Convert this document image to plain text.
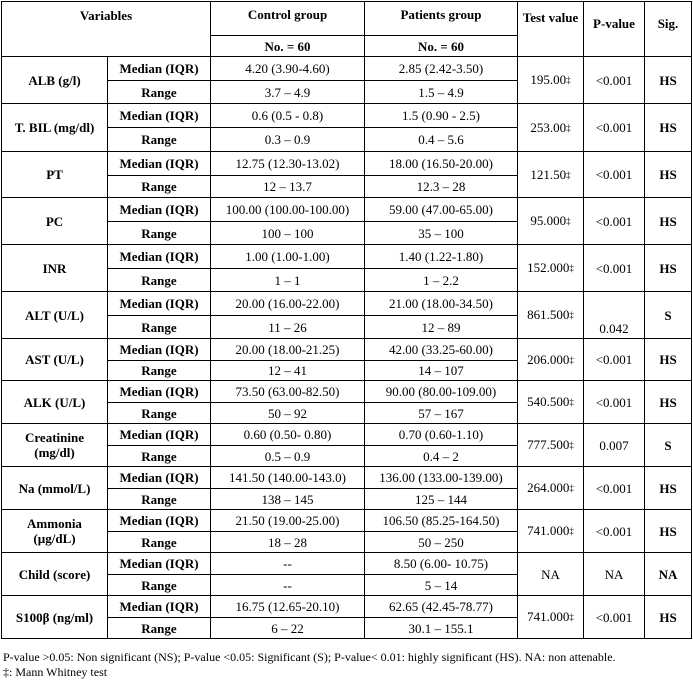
Variables		Control group	Patients group	Test value	P-value	Sig.
		No. = 60	No. = 60			
ALB (g/l)	Median (IQR)	4.20 (3.90-4.60)	2.85 (2.42-3.50)	195.00‡	<0.001	HS
	Range	3.7 – 4.9	1.5 – 4.9			
T. BIL (mg/dl)	Median (IQR)	0.6 (0.5 - 0.8)	1.5 (0.90 - 2.5)	253.00‡	<0.001	HS
	Range	0.3 – 0.9	0.4 – 5.6			
PT	Median (IQR)	12.75 (12.30-13.02)	18.00 (16.50-20.00)	121.50‡	<0.001	HS
	Range	12 – 13.7	12.3 – 28			
PC	Median (IQR)	100.00 (100.00-100.00)	59.00 (47.00-65.00)	95.000‡	<0.001	HS
	Range	100 – 100	35 – 100			
INR	Median (IQR)	1.00 (1.00-1.00)	1.40 (1.22-1.80)	152.000‡	<0.001	HS
	Range	1 – 1	1 – 2.2			
ALT (U/L)	Median (IQR)	20.00 (16.00-22.00)	21.00 (18.00-34.50)	861.500‡	0.042	S
	Range	11 – 26	12 – 89			
AST (U/L)	Median (IQR)	20.00 (18.00-21.25)	42.00 (33.25-60.00)	206.000‡	<0.001	HS
	Range	12 – 41	14 – 107			
ALK (U/L)	Median (IQR)	73.50 (63.00-82.50)	90.00 (80.00-109.00)	540.500‡	<0.001	HS
	Range	50 – 92	57 – 167			
Creatinine (mg/dl)	Median (IQR)	0.60 (0.50- 0.80)	0.70 (0.60-1.10)	777.500‡	0.007	S
	Range	0.5 – 0.9	0.4 – 2			
Na (mmol/L)	Median (IQR)	141.50 (140.00-143.0)	136.00 (133.00-139.00)	264.000‡	<0.001	HS
	Range	138 – 145	125 – 144			
Ammonia (µg/dL)	Median (IQR)	21.50 (19.00-25.00)	106.50 (85.25-164.50)	741.000‡	<0.001	HS
	Range	18 – 28	50 – 250			
Child (score)	Median (IQR)	--	8.50 (6.00- 10.75)	NA	NA	NA
	Range	--	5 – 14			
S100β (ng/ml)	Median (IQR)	16.75 (12.65-20.10)	62.65 (42.45-78.77)	741.000‡	<0.001	HS
	Range	6 – 22	30.1 – 155.1			
P-value >0.05: Non significant (NS); P-value <0.05: Significant (S); P-value< 0.01: highly significant (HS). NA: non attenable.
‡: Mann Whitney test
